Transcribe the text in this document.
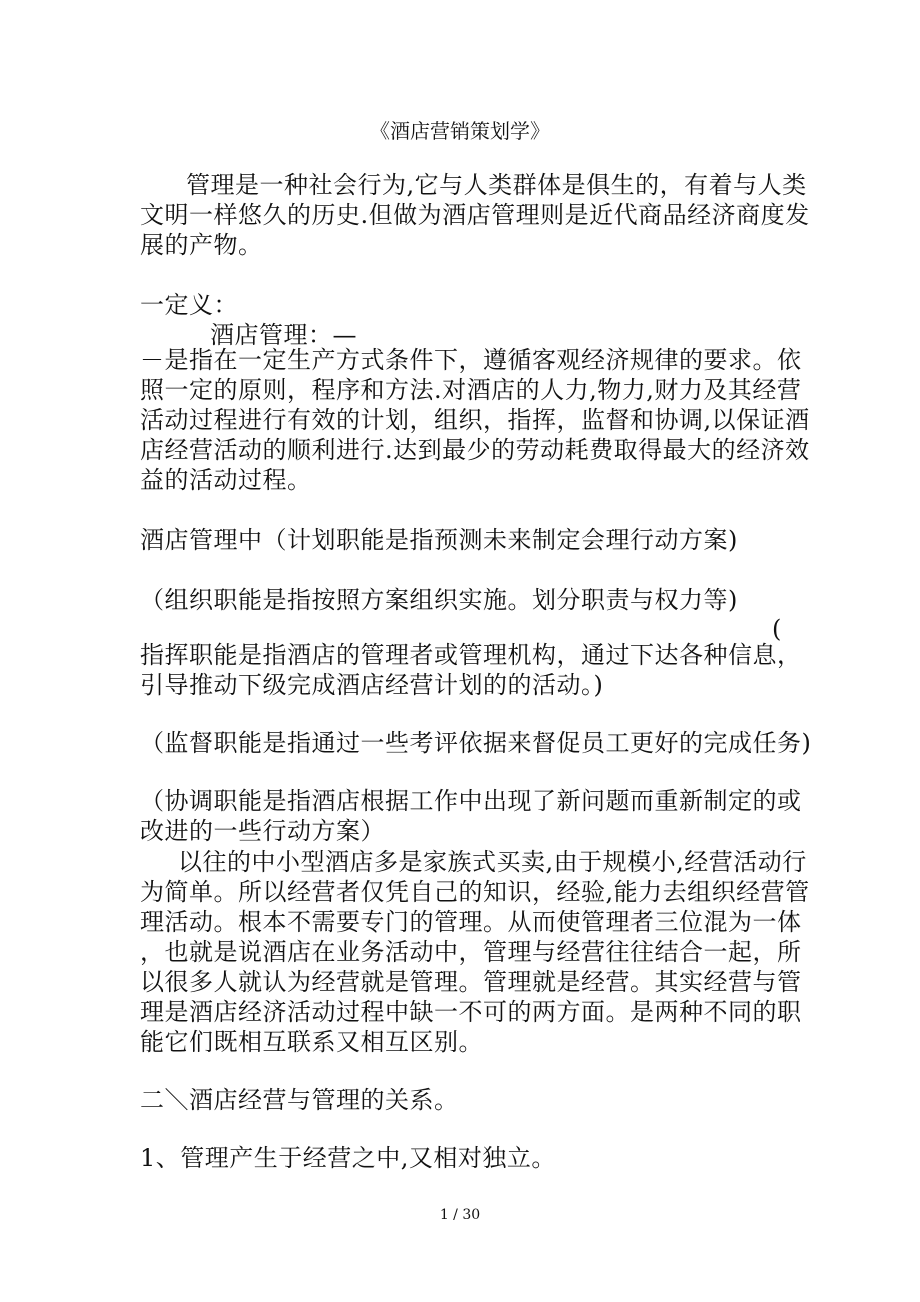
《酒店营销策划学》
管理是一种社会行为,它与人类群体是俱生的，有着与人类
文明一样悠久的历史.但做为酒店管理则是近代商品经济商度发
展的产物。
一定义：
酒店管理：—
－是指在一定生产方式条件下，遵循客观经济规律的要求。依
照一定的原则，程序和方法.对酒店的人力,物力,财力及其经营
活动过程进行有效的计划，组织，指挥，监督和协调,以保证酒
店经营活动的顺利进行.达到最少的劳动耗费取得最大的经济效
益的活动过程。
酒店管理中（计划职能是指预测未来制定会理行动方案)
（组织职能是指按照方案组织实施。划分职责与权力等)
(
指挥职能是指酒店的管理者或管理机构，通过下达各种信息，
引导推动下级完成酒店经营计划的的活动。)
（监督职能是指通过一些考评依据来督促员工更好的完成任务)
（协调职能是指酒店根据工作中出现了新问题而重新制定的或
改进的一些行动方案）
以往的中小型酒店多是家族式买卖,由于规模小,经营活动行
为简单。所以经营者仅凭自己的知识，经验,能力去组织经营管
理活动。根本不需要专门的管理。从而使管理者三位混为一体
，也就是说酒店在业务活动中，管理与经营往往结合一起，所
以很多人就认为经营就是管理。管理就是经营。其实经营与管
理是酒店经济活动过程中缺一不可的两方面。是两种不同的职
能它们既相互联系又相互区别。
二＼酒店经营与管理的关系。
1、管理产生于经营之中,又相对独立。
1 / 30
